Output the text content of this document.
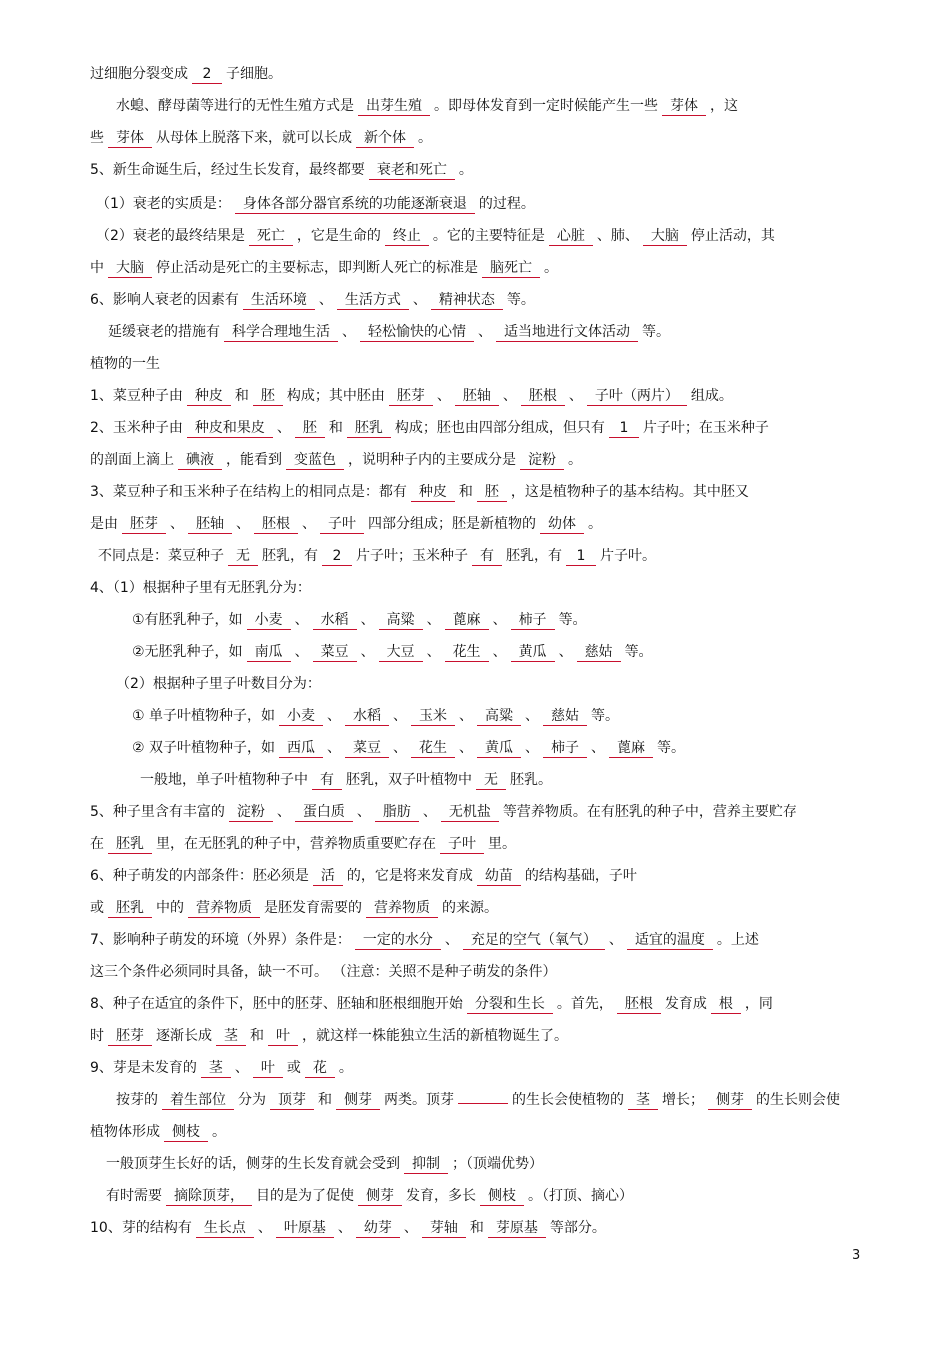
过细胞分裂变成 2 子细胞。
水螅、酵母菌等进行的无性生殖方式是 出芽生殖 。即母体发育到一定时候能产生一些 芽体 ，这
些 芽体 从母体上脱落下来，就可以长成 新个体 。
5、新生命诞生后，经过生长发育，最终都要 衰老和死亡 。
（1）衰老的实质是： 身体各部分器官系统的功能逐渐衰退 的过程。
（2）衰老的最终结果是 死亡 ，它是生命的 终止 。它的主要特征是 心脏 、肺、 大脑 停止活动，其
中 大脑 停止活动是死亡的主要标志，即判断人死亡的标准是 脑死亡 。
6、影响人衰老的因素有 生活环境 、 生活方式 、 精神状态 等。
延缓衰老的措施有 科学合理地生活 、 轻松愉快的心情 、 适当地进行文体活动 等。
植物的一生
1、菜豆种子由 种皮 和 胚 构成；其中胚由 胚芽 、 胚轴 、 胚根 、 子叶（两片） 组成。
2、玉米种子由 种皮和果皮 、 胚 和 胚乳 构成；胚也由四部分组成，但只有 1 片子叶；在玉米种子
的剖面上滴上 碘液 ，能看到 变蓝色 ，说明种子内的主要成分是 淀粉 。
3、菜豆种子和玉米种子在结构上的相同点是：都有 种皮 和 胚 ，这是植物种子的基本结构。其中胚又
是由 胚芽 、 胚轴 、 胚根 、 子叶 四部分组成；胚是新植物的 幼体 。
不同点是：菜豆种子 无 胚乳，有 2 片子叶；玉米种子 有 胚乳，有 1 片子叶。
4、（1）根据种子里有无胚乳分为：
①有胚乳种子，如 小麦 、 水稻 、 高粱 、 蓖麻 、 柿子 等。
②无胚乳种子，如 南瓜 、 菜豆 、 大豆 、 花生 、 黄瓜 、 慈姑 等。
（2）根据种子里子叶数目分为：
① 单子叶植物种子，如 小麦 、 水稻 、 玉米 、 高粱 、 慈姑 等。
② 双子叶植物种子，如 西瓜 、 菜豆 、 花生 、 黄瓜 、 柿子 、 蓖麻 等。
一般地，单子叶植物种子中 有 胚乳，双子叶植物中 无 胚乳。
5、种子里含有丰富的 淀粉 、 蛋白质 、 脂肪 、 无机盐 等营养物质。在有胚乳的种子中，营养主要贮存
在 胚乳 里，在无胚乳的种子中，营养物质重要贮存在 子叶 里。
6、种子萌发的内部条件：胚必须是 活 的，它是将来发育成 幼苗 的结构基础，子叶
或 胚乳 中的 营养物质 是胚发育需要的 营养物质 的来源。
7、影响种子萌发的环境（外界）条件是： 一定的水分 、 充足的空气（氧气） 、 适宜的温度 。上述
这三个条件必须同时具备，缺一不可。 （注意：关照不是种子萌发的条件）
8、种子在适宜的条件下，胚中的胚芽、胚轴和胚根细胞开始 分裂和生长 。首先， 胚根 发育成 根 ，同
时 胚芽 逐渐长成 茎 和 叶 ，就这样一株能独立生活的新植物诞生了。
9、芽是未发育的 茎 、 叶 或 花 。
按芽的 着生部位 分为 顶芽 和 侧芽 两类。顶芽	的生长会使植物的 茎 增长； 侧芽 的生长则会使
植物体形成 侧枝 。
一般顶芽生长好的话，侧芽的生长发育就会受到 抑制 ；（顶端优势）
有时需要 摘除顶芽， 目的是为了促使 侧芽 发育，多长 侧枝 。（打顶、摘心）
10、芽的结构有 生长点 、 叶原基 、 幼芽 、 芽轴 和 芽原基 等部分。
3
